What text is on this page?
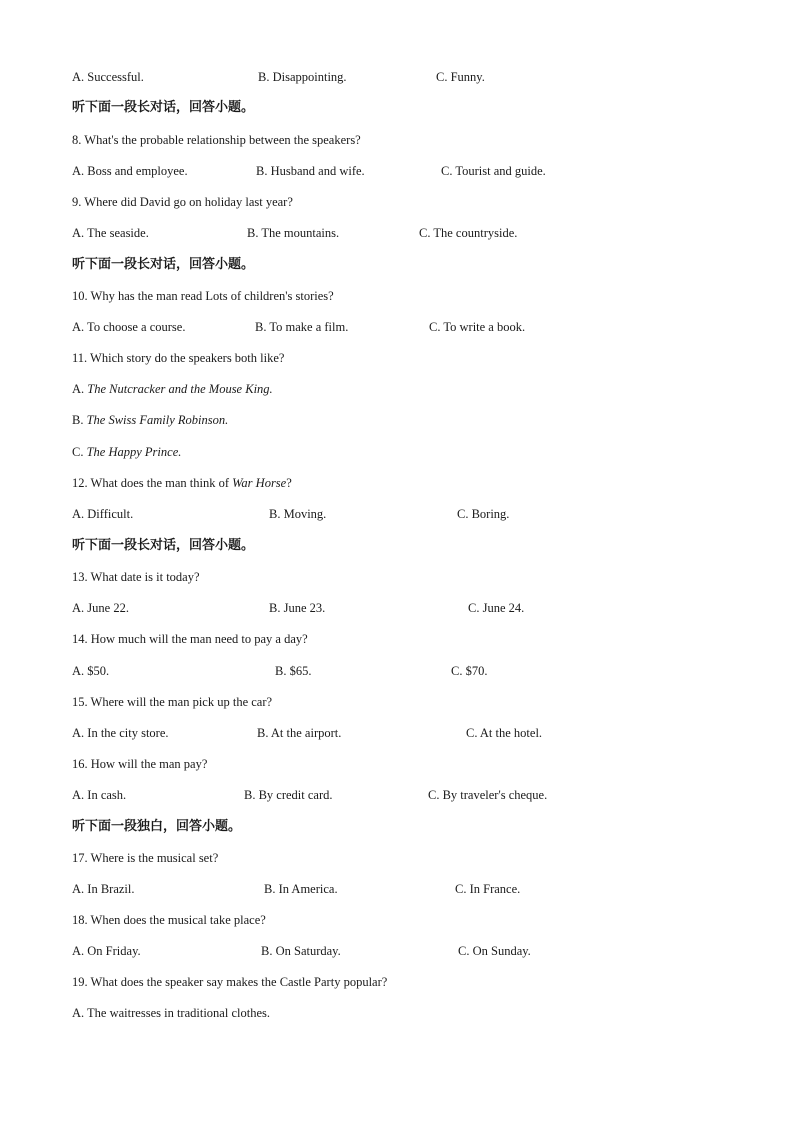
A. Successful.	B. Disappointing.	C. Funny.
听下面一段长对话，回答小题。
8. What's the probable relationship between the speakers?
A. Boss and employee.	B. Husband and wife.	C. Tourist and guide.
9. Where did David go on holiday last year?
A. The seaside.	B. The mountains.	C. The countryside.
听下面一段长对话，回答小题。
10. Why has the man read Lots of children's stories?
A. To choose a course.	B. To make a film.	C. To write a book.
11. Which story do the speakers both like?
A. The Nutcracker and the Mouse King.
B. The Swiss Family Robinson.
C. The Happy Prince.
12. What does the man think of War Horse?
A. Difficult.	B. Moving.	C. Boring.
听下面一段长对话，回答小题。
13. What date is it today?
A. June 22.	B. June 23.	C. June 24.
14. How much will the man need to pay a day?
A. $50.	B. $65.	C. $70.
15. Where will the man pick up the car?
A. In the city store.	B. At the airport.	C. At the hotel.
16. How will the man pay?
A. In cash.	B. By credit card.	C. By traveler's cheque.
听下面一段独白，回答小题。
17. Where is the musical set?
A. In Brazil.	B. In America.	C. In France.
18. When does the musical take place?
A. On Friday.	B. On Saturday.	C. On Sunday.
19. What does the speaker say makes the Castle Party popular?
A. The waitresses in traditional clothes.
